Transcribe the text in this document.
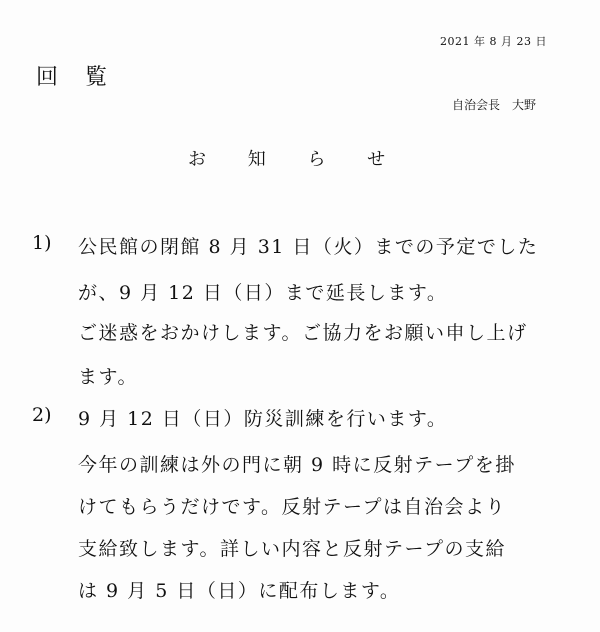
2021 年 8 月 23 日
回 覧
自治会長　大野
お 知 ら せ
1) 公民館の閉館 8 月 31 日（火）までの予定でした
が、9 月 12 日（日）まで延長します。
ご迷惑をおかけします。ご協力をお願い申し上げ
ます。
2) 9 月 12 日（日）防災訓練を行います。
今年の訓練は外の門に朝 9 時に反射テープを掛
けてもらうだけです。反射テープは自治会より
支給致します。詳しい内容と反射テープの支給
は 9 月 5 日（日）に配布します。
